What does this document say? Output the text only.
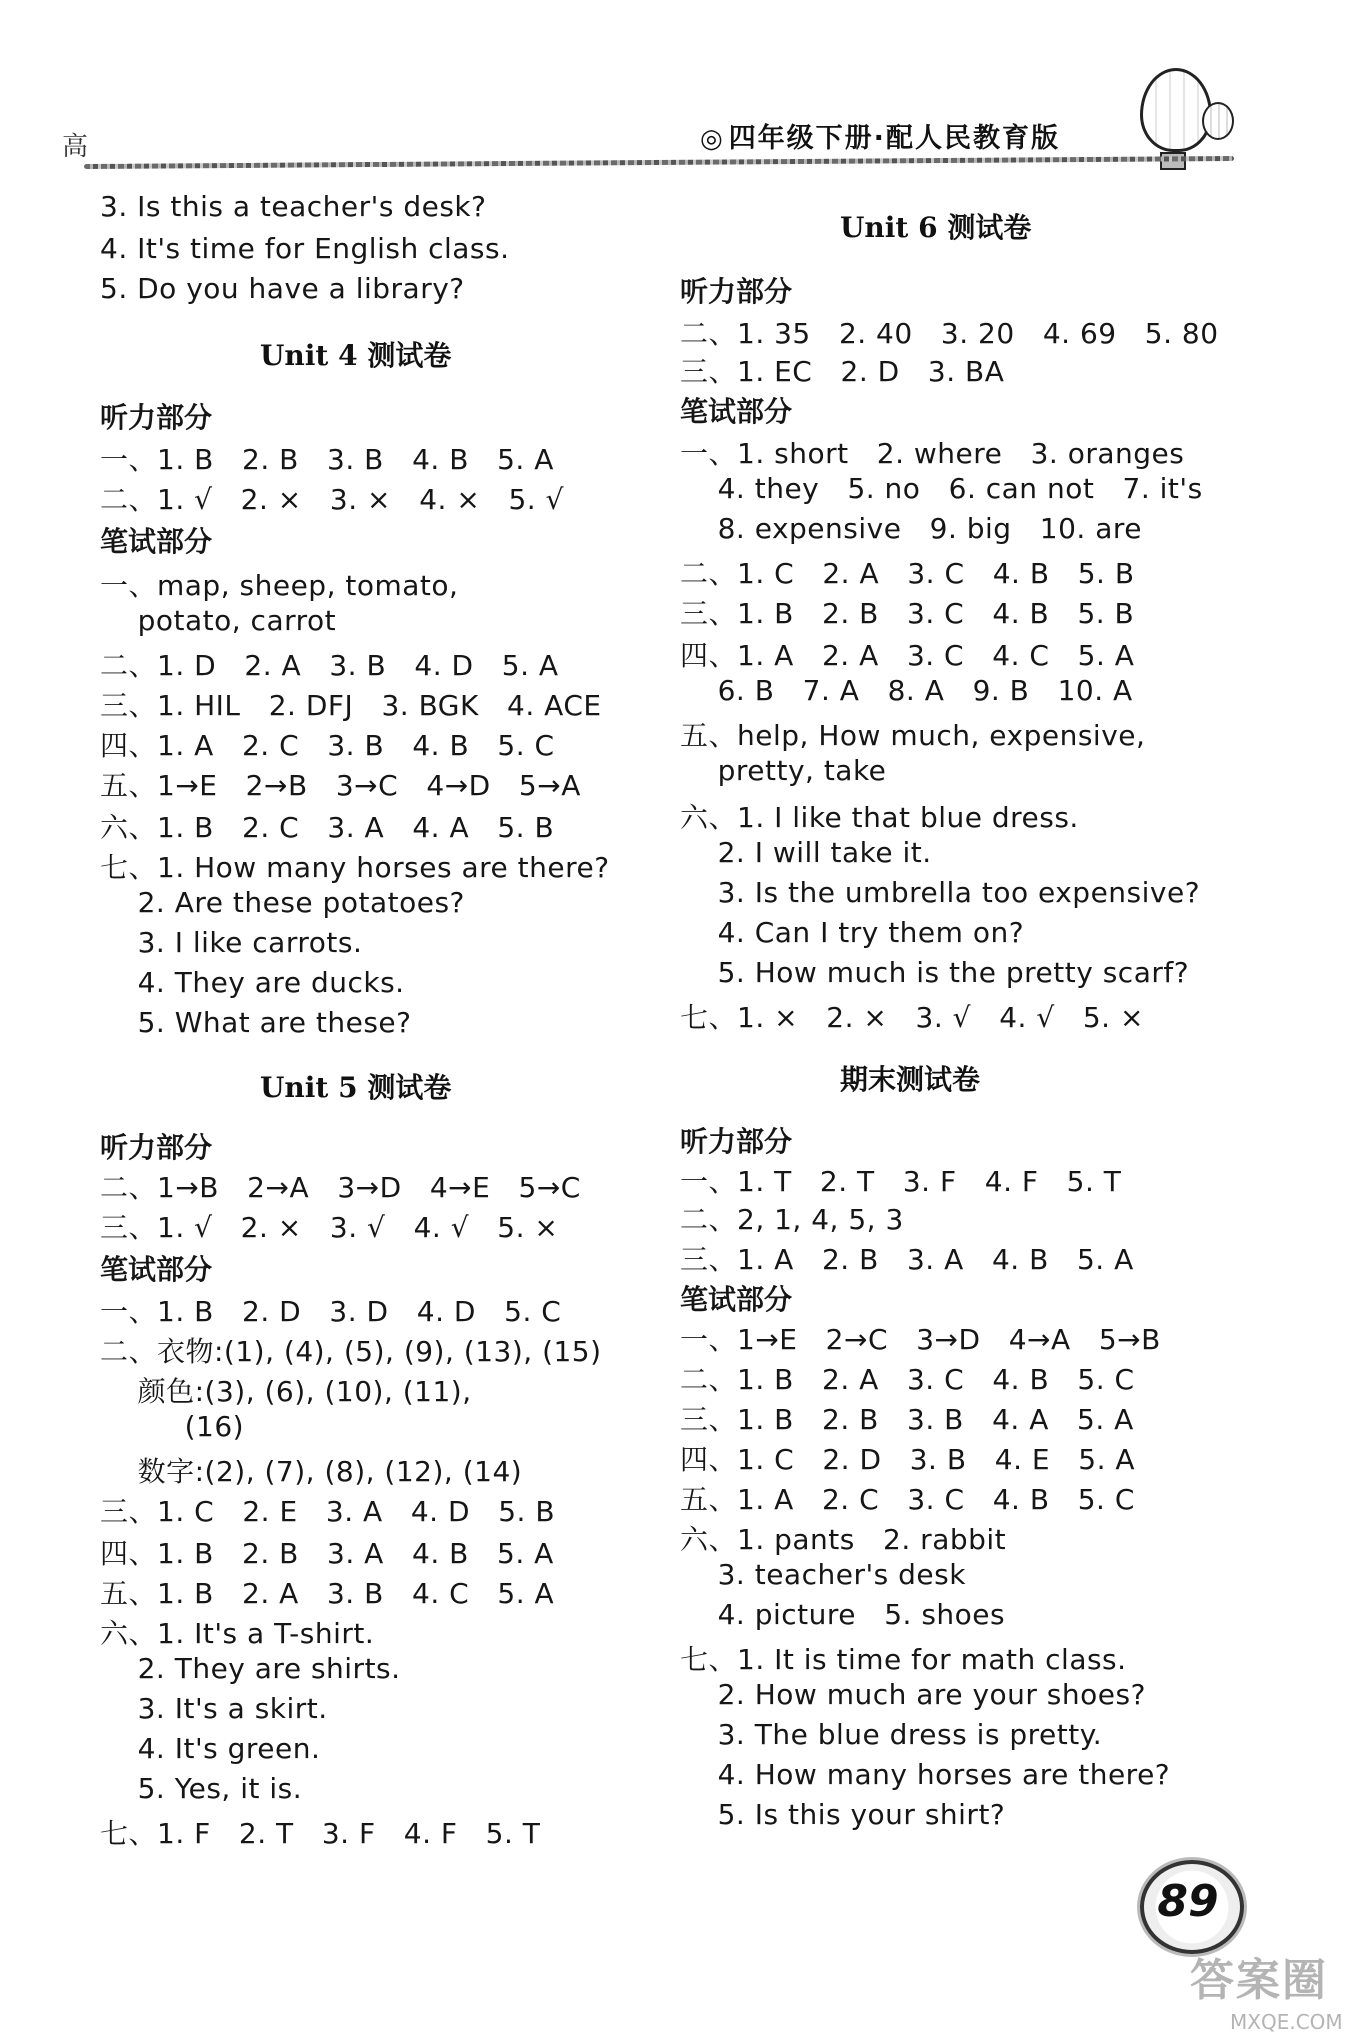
高	◎ 四年级下册·配人民教育版
3. Is this a teacher's desk?
4. It's time for English class.
5. Do you have a library?
Unit 4 测试卷
听力部分
一、1. B   2. B   3. B   4. B   5. A
二、1. √   2. ×   3. ×   4. ×   5. √
笔试部分
一、map, sheep, tomato,
potato, carrot
二、1. D   2. A   3. B   4. D   5. A
三、1. HIL   2. DFJ   3. BGK   4. ACE
四、1. A   2. C   3. B   4. B   5. C
五、1→E   2→B   3→C   4→D   5→A
六、1. B   2. C   3. A   4. A   5. B
七、1. How many horses are there?
2. Are these potatoes?
3. I like carrots.
4. They are ducks.
5. What are these?
Unit 5 测试卷
听力部分
二、1→B   2→A   3→D   4→E   5→C
三、1. √   2. ×   3. √   4. √   5. ×
笔试部分
一、1. B   2. D   3. D   4. D   5. C
二、衣物:(1), (4), (5), (9), (13), (15)
颜色:(3), (6), (10), (11),
(16)
数字:(2), (7), (8), (12), (14)
三、1. C   2. E   3. A   4. D   5. B
四、1. B   2. B   3. A   4. B   5. A
五、1. B   2. A   3. B   4. C   5. A
六、1. It's a T-shirt.
2. They are shirts.
3. It's a skirt.
4. It's green.
5. Yes, it is.
七、1. F   2. T   3. F   4. F   5. T
Unit 6 测试卷
听力部分
二、1. 35   2. 40   3. 20   4. 69   5. 80
三、1. EC   2. D   3. BA
笔试部分
一、1. short   2. where   3. oranges
4. they   5. no   6. can not   7. it's
8. expensive   9. big   10. are
二、1. C   2. A   3. C   4. B   5. B
三、1. B   2. B   3. C   4. B   5. B
四、1. A   2. A   3. C   4. C   5. A
6. B   7. A   8. A   9. B   10. A
五、help, How much, expensive,
pretty, take
六、1. I like that blue dress.
2. I will take it.
3. Is the umbrella too expensive?
4. Can I try them on?
5. How much is the pretty scarf?
七、1. ×   2. ×   3. √   4. √   5. ×
期末测试卷
听力部分
一、1. T   2. T   3. F   4. F   5. T
二、2, 1, 4, 5, 3
三、1. A   2. B   3. A   4. B   5. A
笔试部分
一、1→E   2→C   3→D   4→A   5→B
二、1. B   2. A   3. C   4. B   5. C
三、1. B   2. B   3. B   4. A   5. A
四、1. C   2. D   3. B   4. E   5. A
五、1. A   2. C   3. C   4. B   5. C
六、1. pants   2. rabbit
3. teacher's desk
4. picture   5. shoes
七、1. It is time for math class.
2. How much are your shoes?
3. The blue dress is pretty.
4. How many horses are there?
5. Is this your shirt?
89
答案圈
MXQE.COM
